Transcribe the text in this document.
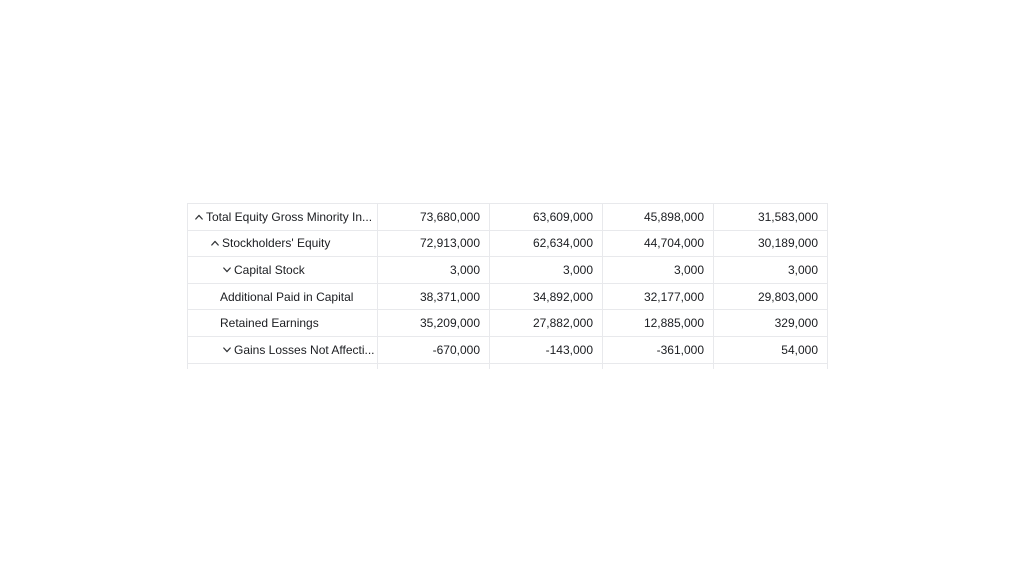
Total Equity Gross Minority In...	73,680,000	63,609,000	45,898,000	31,583,000
Stockholders' Equity	72,913,000	62,634,000	44,704,000	30,189,000
Capital Stock	3,000	3,000	3,000	3,000
Additional Paid in Capital	38,371,000	34,892,000	32,177,000	29,803,000
Retained Earnings	35,209,000	27,882,000	12,885,000	329,000
Gains Losses Not Affecti...	-670,000	-143,000	-361,000	54,000
